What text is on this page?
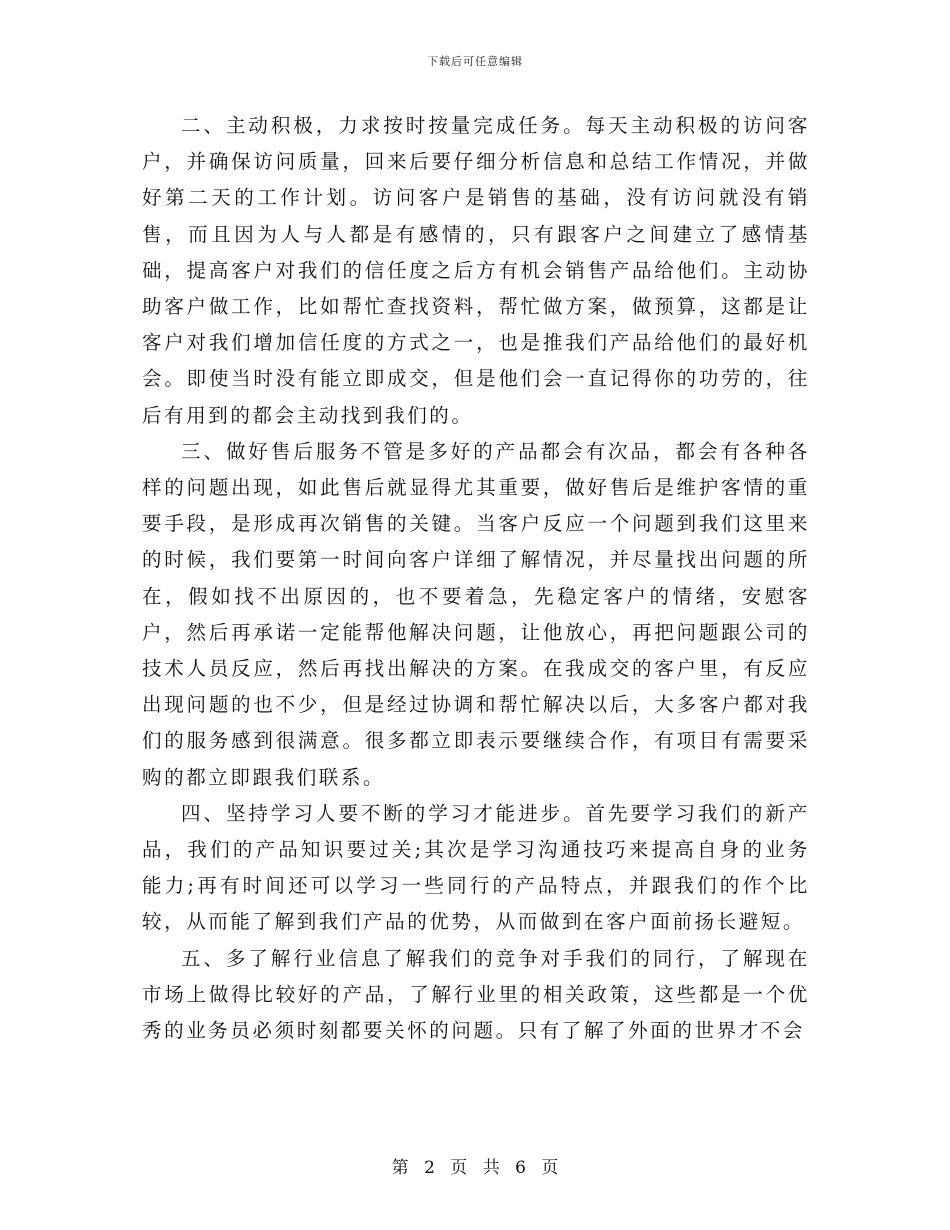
下载后可任意编辑

二、主动积极，力求按时按量完成任务。每天主动积极的访问客户，并确保访问质量，回来后要仔细分析信息和总结工作情况，并做好第二天的工作计划。访问客户是销售的基础，没有访问就没有销售，而且因为人与人都是有感情的，只有跟客户之间建立了感情基础，提高客户对我们的信任度之后方有机会销售产品给他们。主动协助客户做工作，比如帮忙查找资料，帮忙做方案，做预算，这都是让客户对我们增加信任度的方式之一，也是推我们产品给他们的最好机会。即使当时没有能立即成交，但是他们会一直记得你的功劳的，往后有用到的都会主动找到我们的。

三、做好售后服务不管是多好的产品都会有次品，都会有各种各样的问题出现，如此售后就显得尤其重要，做好售后是维护客情的重要手段，是形成再次销售的关键。当客户反应一个问题到我们这里来的时候，我们要第一时间向客户详细了解情况，并尽量找出问题的所在，假如找不出原因的，也不要着急，先稳定客户的情绪，安慰客户，然后再承诺一定能帮他解决问题，让他放心，再把问题跟公司的技术人员反应，然后再找出解决的方案。在我成交的客户里，有反应出现问题的也不少，但是经过协调和帮忙解决以后，大多客户都对我们的服务感到很满意。很多都立即表示要继续合作，有项目有需要采购的都立即跟我们联系。

四、坚持学习人要不断的学习才能进步。首先要学习我们的新产品，我们的产品知识要过关;其次是学习沟通技巧来提高自身的业务能力;再有时间还可以学习一些同行的产品特点，并跟我们的作个比较，从而能了解到我们产品的优势，从而做到在客户面前扬长避短。

五、多了解行业信息了解我们的竞争对手我们的同行，了解现在市场上做得比较好的产品，了解行业里的相关政策，这些都是一个优秀的业务员必须时刻都要关怀的问题。只有了解了外面的世界才不会

第 2 页 共 6 页
